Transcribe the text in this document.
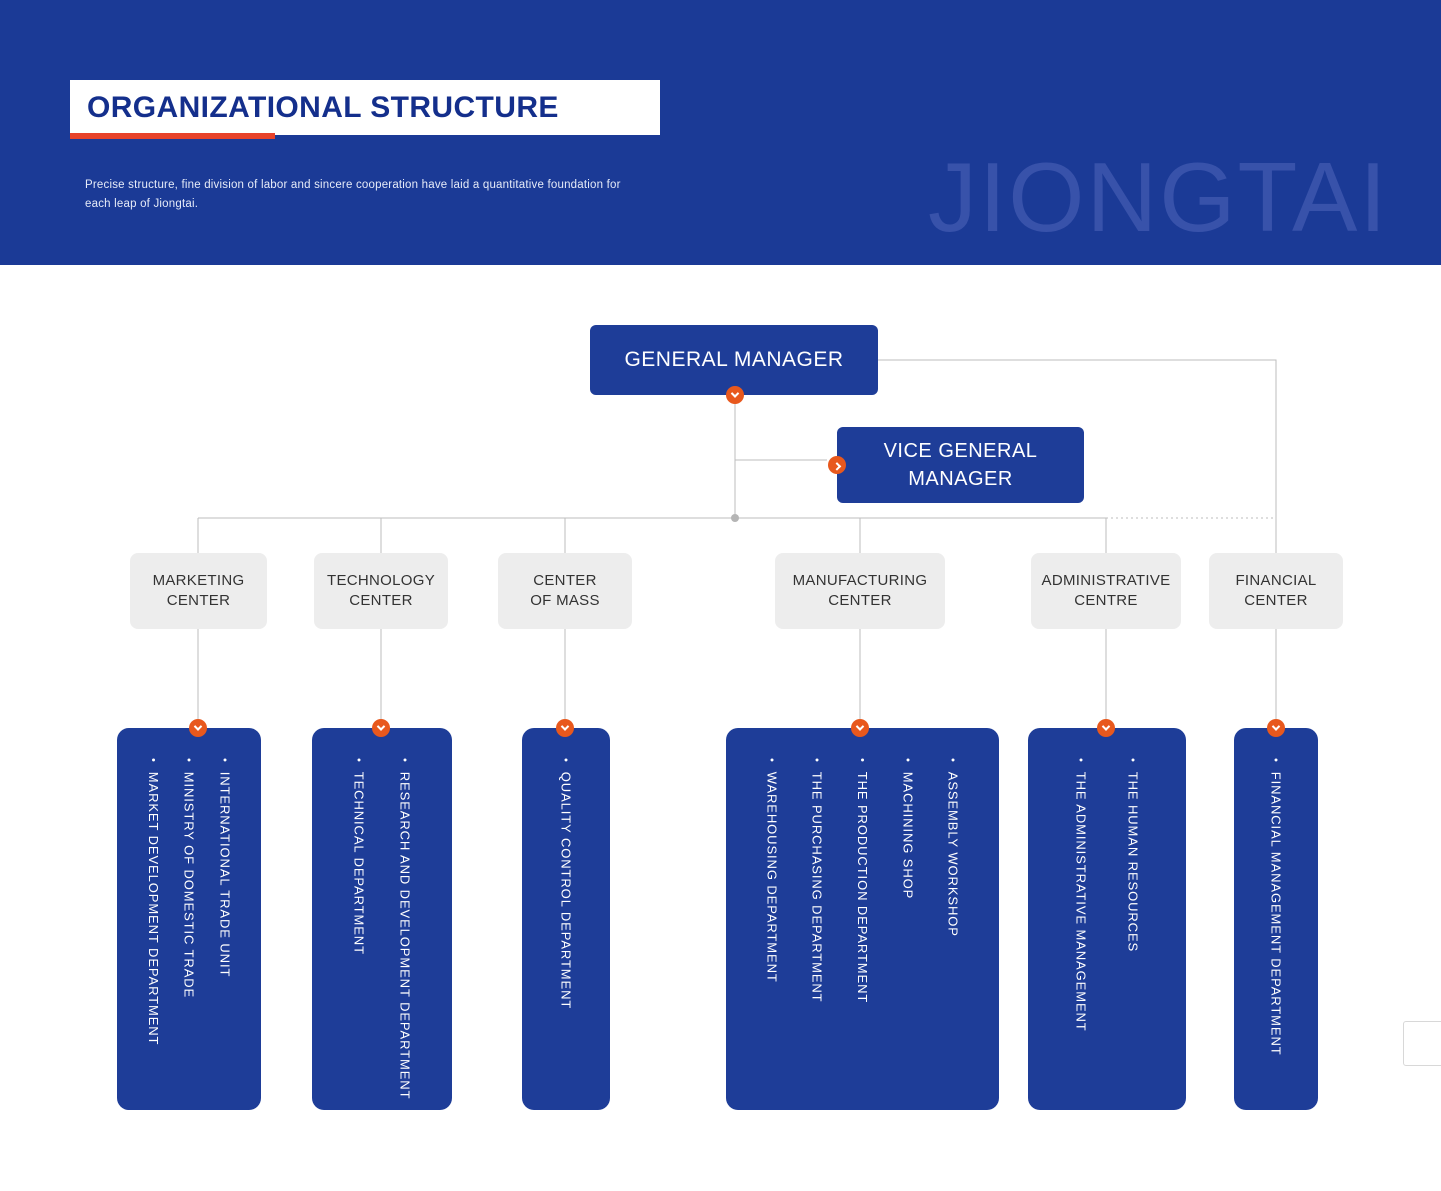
ORGANIZATIONAL STRUCTURE

Precise structure, fine division of labor and sincere cooperation have laid a quantitative foundation for
each leap of Jiongtai.	JIONGTAI
GENERAL MANAGER
VICE GENERAL
MANAGER
MARKETING
CENTER
• INTERNATIONAL TRADE UNIT
• MINISTRY OF DOMESTIC TRADE
• MARKET DEVELOPMENT DEPARTMENT
TECHNOLOGY
CENTER
• RESEARCH AND DEVELOPMENT DEPARTMENT
• TECHNICAL DEPARTMENT
CENTER
OF MASS
• QUALITY CONTROL DEPARTMENT
MANUFACTURING
CENTER
• ASSEMBLY WORKSHOP
• MACHINING SHOP
• THE PRODUCTION DEPARTMENT
• THE PURCHASING DEPARTMENT
• WAREHOUSING DEPARTMENT
ADMINISTRATIVE
CENTRE
• THE HUMAN RESOURCES
• THE ADMINISTRATIVE MANAGEMENT
FINANCIAL
CENTER
• FINANCIAL MANAGEMENT DEPARTMENT
